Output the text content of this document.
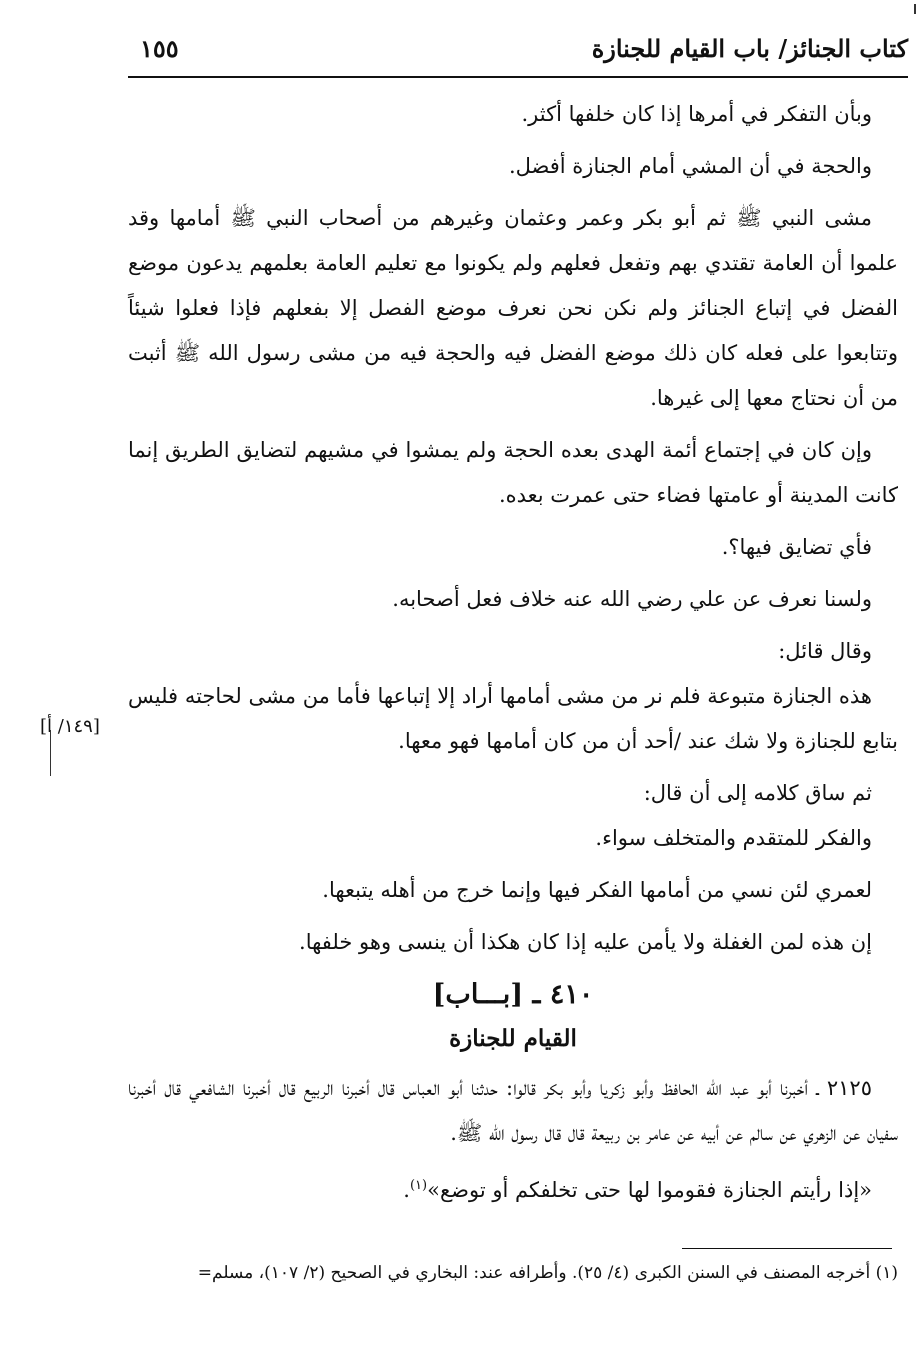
كتاب الجنائز/ باب القيام للجنازة
١٥٥
[١٤٩/ أ]

وبأن التفكر في أمرها إذا كان خلفها أكثر.

والحجة في أن المشي أمام الجنازة أفضل.

مشى النبي ﷺ ثم أبو بكر وعمر وعثمان وغيرهم من أصحاب النبي ﷺ أمامها وقد علموا أن العامة تقتدي بهم وتفعل فعلهم ولم يكونوا مع تعليم العامة بعلمهم يدعون موضع الفضل في إتباع الجنائز ولم نكن نحن نعرف موضع الفصل إلا بفعلهم فإذا فعلوا شيئاً وتتابعوا على فعله كان ذلك موضع الفضل فيه والحجة فيه من مشى رسول الله ﷺ أثبت من أن نحتاج معها إلى غيرها.

وإن كان في إجتماع أئمة الهدى بعده الحجة ولم يمشوا في مشيهم لتضايق الطريق إنما كانت المدينة أو عامتها فضاء حتى عمرت بعده.

فأي تضايق فيها؟.

ولسنا نعرف عن علي رضي الله عنه خلاف فعل أصحابه.

وقال قائل:

هذه الجنازة متبوعة فلم نر من مشى أمامها أراد إلا إتباعها فأما من مشى لحاجته فليس بتابع للجنازة ولا شك عند /أحد أن من كان أمامها فهو معها.

ثم ساق كلامه إلى أن قال:

والفكر للمتقدم والمتخلف سواء.

لعمري لئن نسي من أمامها الفكر فيها وإنما خرج من أهله يتبعها.

إن هذه لمن الغفلة ولا يأمن عليه إذا كان هكذا أن ينسى وهو خلفها.

٤١٠ ـ [بـــاب]
القيام للجنازة

٢١٢٥ ـ أخبرنا أبو عبد الله الحافظ وأبو زكريا وأبو بكر قالوا: حدثنا أبو العباس قال أخبرنا الربيع قال أخبرنا الشافعي قال أخبرنا سفيان عن الزهري عن سالم عن أبيه عن عامر بن ربيعة قال قال رسول الله ﷺ.

«إذا رأيتم الجنازة فقوموا لها حتى تخلفكم أو توضع»$^{(١)}$.

(١) أخرجه المصنف في السنن الكبرى (٤/ ٢٥). وأطرافه عند: البخاري في الصحيح (٢/ ١٠٧)، مسلم=
